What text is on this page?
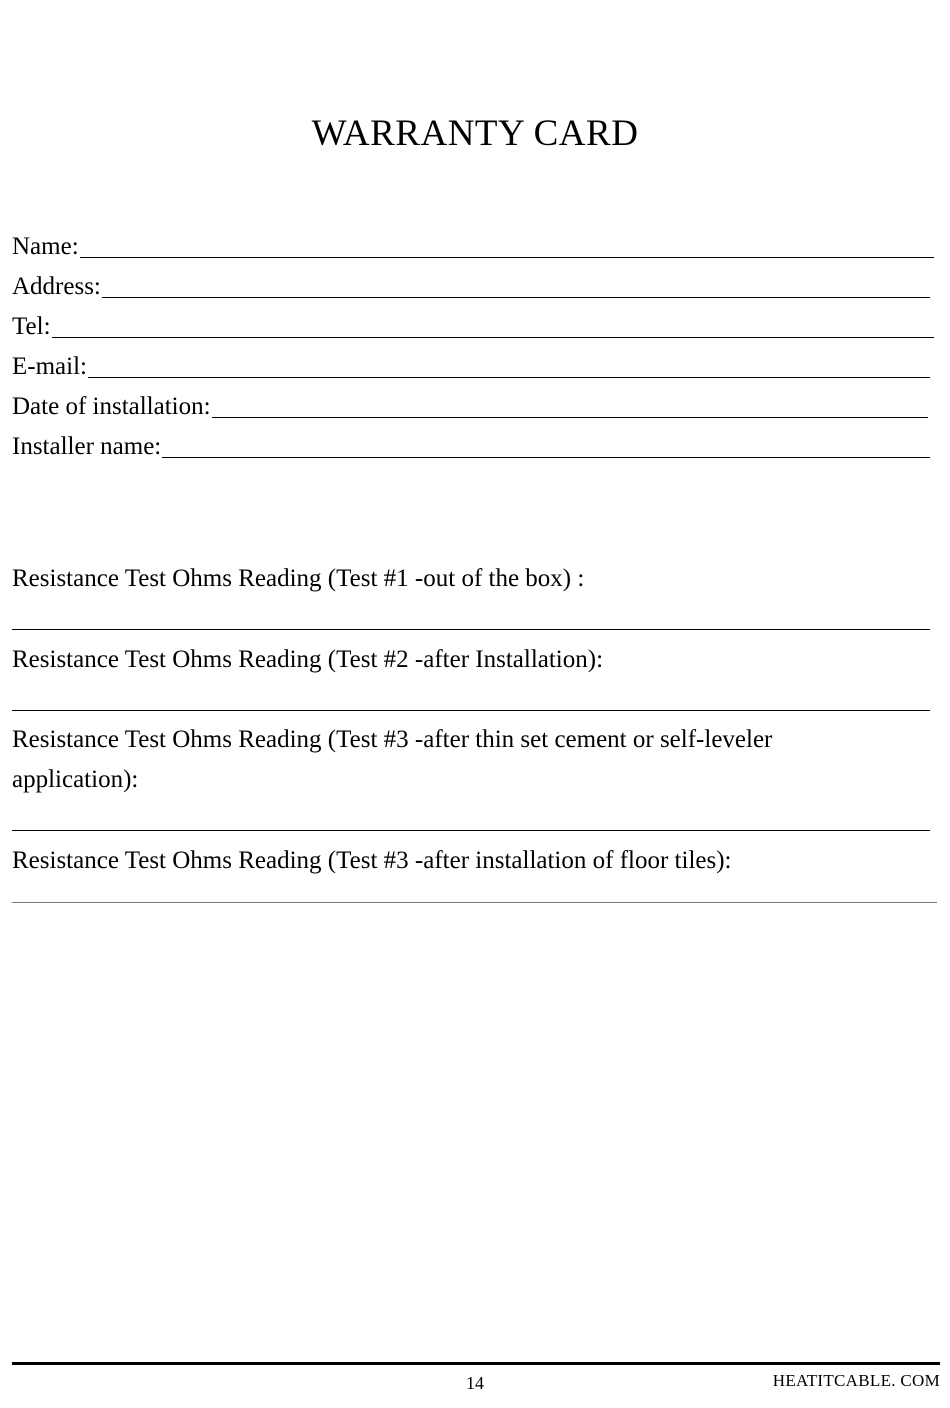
WARRANTY CARD
Name:
Address:
Tel:
E-mail:
Date of installation:
Installer name:
Resistance Test Ohms Reading (Test #1 -out of the box) :
Resistance Test Ohms Reading (Test #2 -after Installation):
Resistance Test Ohms Reading (Test #3 -after thin set cement or self-leveler
application):
Resistance Test Ohms Reading (Test #3 -after installation of floor tiles):
14	HEATITCABLE. COM
